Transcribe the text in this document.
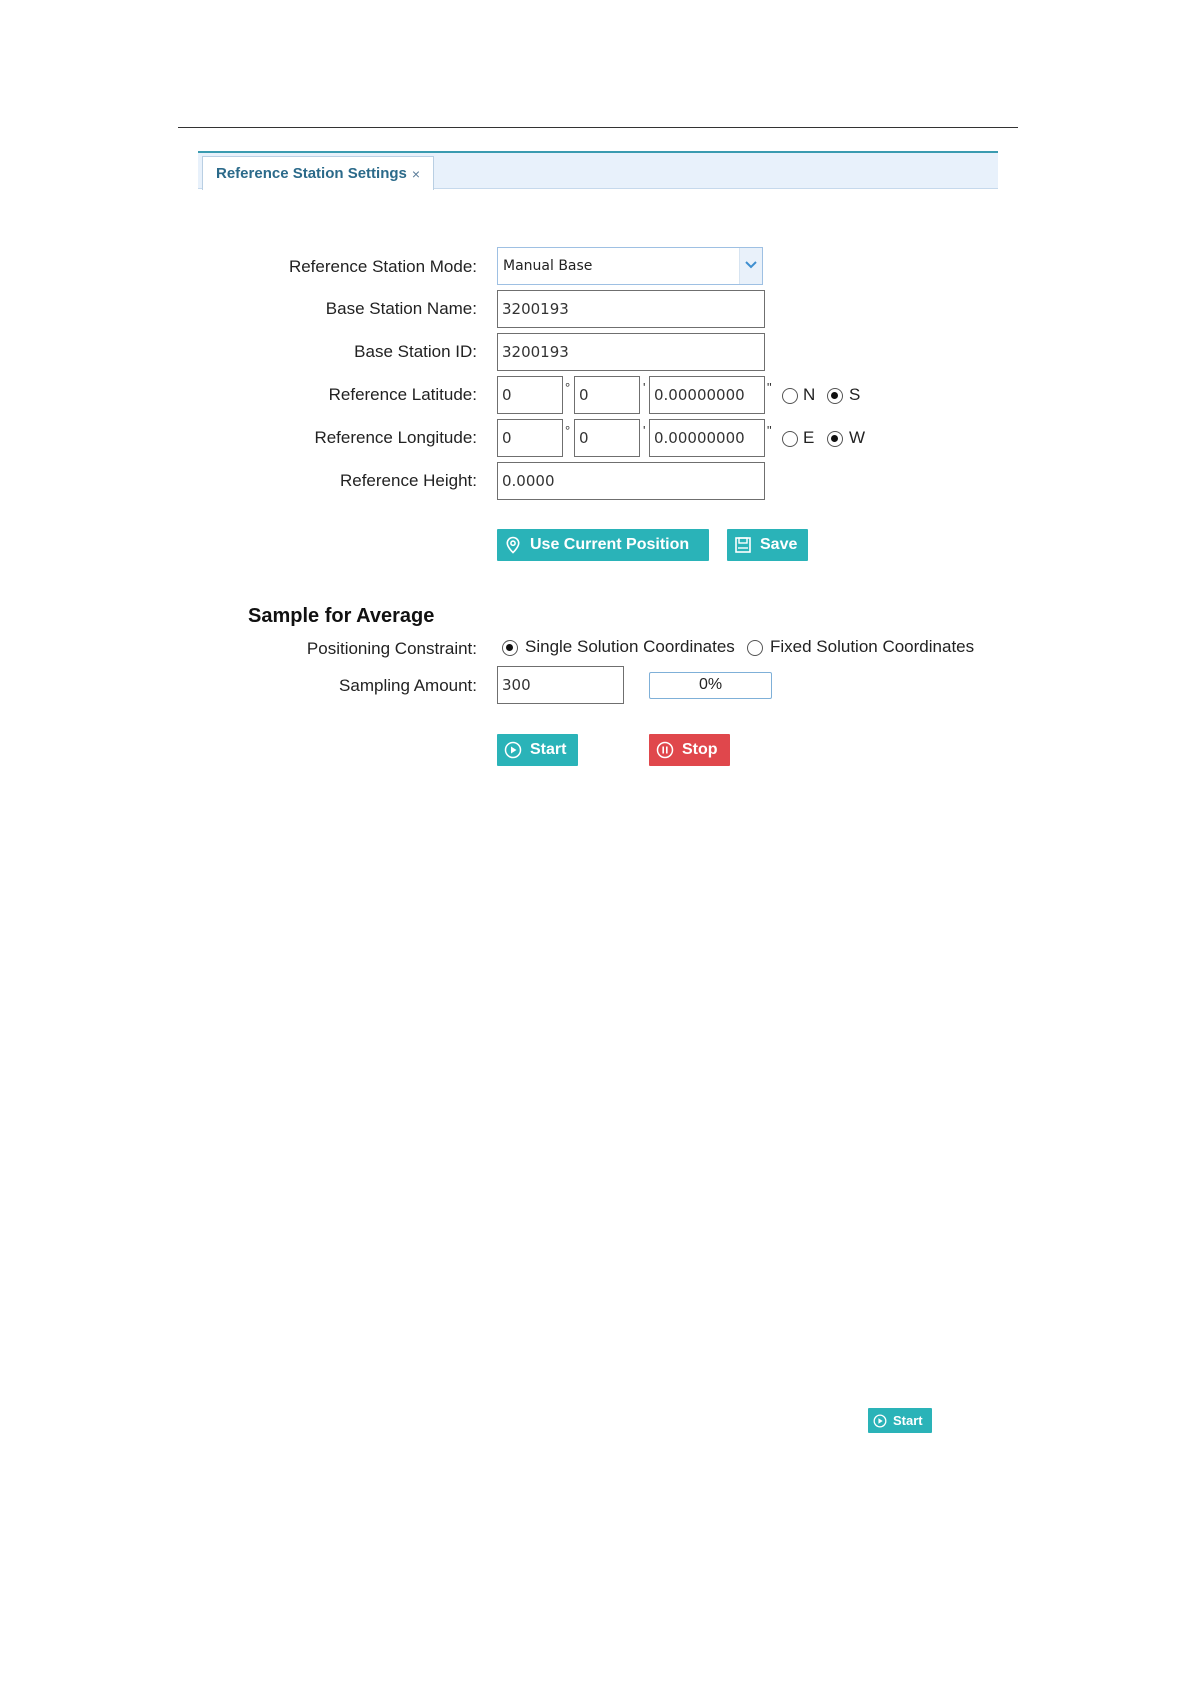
Reference Station Settings ×
Reference Station Mode:	Manual Base
Base Station Name:	3200193
Base Station ID:	3200193
Reference Latitude:	0	° 0	' 0.00000000	" N S
Reference Longitude:	0	° 0	' 0.00000000	" E W
Reference Height:	0.0000
Use Current Position	Save
Sample for Average
Positioning Constraint:	Single Solution Coordinates Fixed Solution Coordinates
Sampling Amount:	300	0%
Start	Stop
Start
